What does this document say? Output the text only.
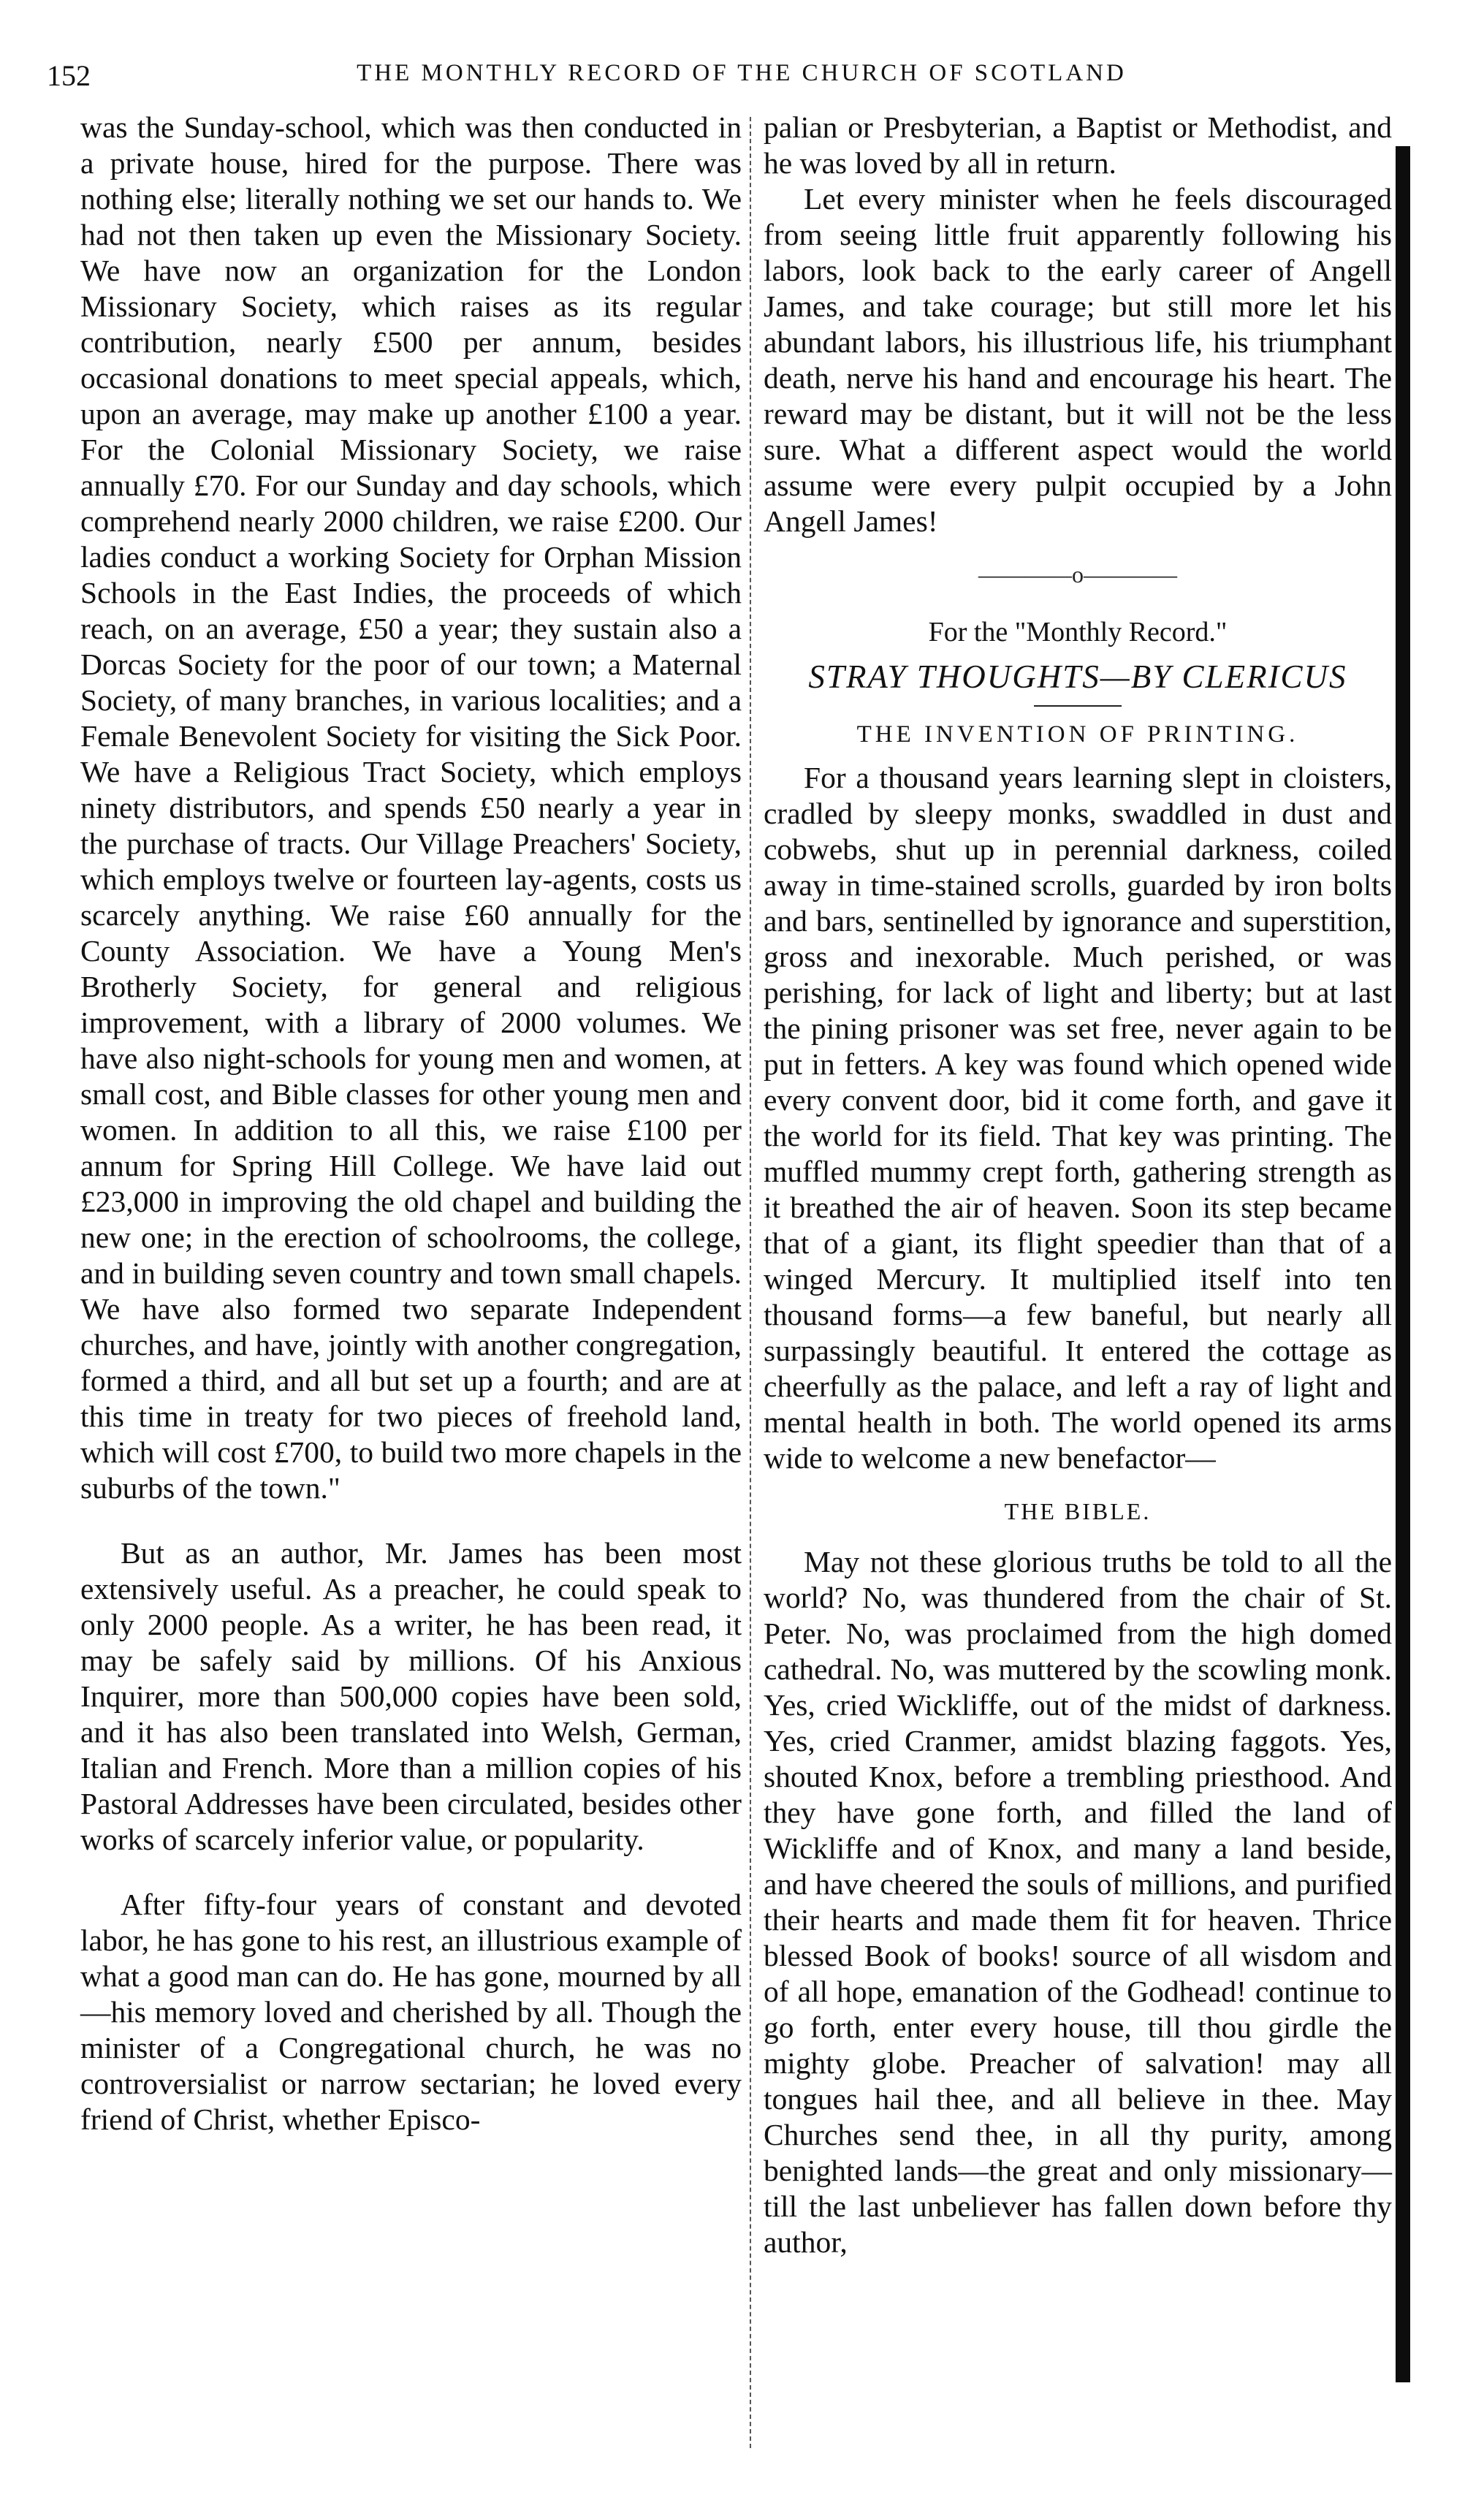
152	THE MONTHLY RECORD OF THE CHURCH OF SCOTLAND

was the Sunday-school, which was then conducted in a private house, hired for the purpose. There was nothing else; literally nothing we set our hands to. We had not then taken up even the Missionary Society. We have now an organization for the London Missionary Society, which raises as its regular contribution, nearly £500 per annum, besides occasional donations to meet special appeals, which, upon an average, may make up another £100 a year. For the Colonial Missionary Society, we raise annually £70. For our Sunday and day schools, which comprehend nearly 2000 children, we raise £200. Our ladies conduct a working Society for Orphan Mission Schools in the East Indies, the proceeds of which reach, on an average, £50 a year; they sustain also a Dorcas Society for the poor of our town; a Maternal Society, of many branches, in various localities; and a Female Benevolent Society for visiting the Sick Poor. We have a Religious Tract Society, which employs ninety distributors, and spends £50 nearly a year in the purchase of tracts. Our Village Preachers' Society, which employs twelve or fourteen lay-agents, costs us scarcely anything. We raise £60 annually for the County Association. We have a Young Men's Brotherly Society, for general and religious improvement, with a library of 2000 volumes. We have also night-schools for young men and women, at small cost, and Bible classes for other young men and women. In addition to all this, we raise £100 per annum for Spring Hill College. We have laid out £23,000 in improving the old chapel and building the new one; in the erection of schoolrooms, the college, and in building seven country and town small chapels. We have also formed two separate Independent churches, and have, jointly with another congregation, formed a third, and all but set up a fourth; and are at this time in treaty for two pieces of freehold land, which will cost £700, to build two more chapels in the suburbs of the town."

But as an author, Mr. James has been most extensively useful. As a preacher, he could speak to only 2000 people. As a writer, he has been read, it may be safely said by millions. Of his Anxious Inquirer, more than 500,000 copies have been sold, and it has also been translated into Welsh, German, Italian and French. More than a million copies of his Pastoral Addresses have been circulated, besides other works of scarcely inferior value, or popularity.

After fifty-four years of constant and devoted labor, he has gone to his rest, an illustrious example of what a good man can do. He has gone, mourned by all—his memory loved and cherished by all. Though the minister of a Congregational church, he was no controversialist or narrow sectarian; he loved every friend of Christ, whether Episco-

palian or Presbyterian, a Baptist or Methodist, and he was loved by all in return.

Let every minister when he feels discouraged from seeing little fruit apparently following his labors, look back to the early career of Angell James, and take courage; but still more let his abundant labors, his illustrious life, his triumphant death, nerve his hand and encourage his heart. The reward may be distant, but it will not be the less sure. What a different aspect would the world assume were every pulpit occupied by a John Angell James!

————o————
For the "Monthly Record."
STRAY THOUGHTS—BY CLERICUS
THE INVENTION OF PRINTING.

For a thousand years learning slept in cloisters, cradled by sleepy monks, swaddled in dust and cobwebs, shut up in perennial darkness, coiled away in time-stained scrolls, guarded by iron bolts and bars, sentinelled by ignorance and superstition, gross and inexorable. Much perished, or was perishing, for lack of light and liberty; but at last the pining prisoner was set free, never again to be put in fetters. A key was found which opened wide every convent door, bid it come forth, and gave it the world for its field. That key was printing. The muffled mummy crept forth, gathering strength as it breathed the air of heaven. Soon its step became that of a giant, its flight speedier than that of a winged Mercury. It multiplied itself into ten thousand forms—a few baneful, but nearly all surpassingly beautiful. It entered the cottage as cheerfully as the palace, and left a ray of light and mental health in both. The world opened its arms wide to welcome a new benefactor—

THE BIBLE.

May not these glorious truths be told to all the world? No, was thundered from the chair of St. Peter. No, was proclaimed from the high domed cathedral. No, was muttered by the scowling monk. Yes, cried Wickliffe, out of the midst of darkness. Yes, cried Cranmer, amidst blazing faggots. Yes, shouted Knox, before a trembling priesthood. And they have gone forth, and filled the land of Wickliffe and of Knox, and many a land beside, and have cheered the souls of millions, and purified their hearts and made them fit for heaven. Thrice blessed Book of books! source of all wisdom and of all hope, emanation of the Godhead! continue to go forth, enter every house, till thou girdle the mighty globe. Preacher of salvation! may all tongues hail thee, and all believe in thee. May Churches send thee, in all thy purity, among benighted lands—the great and only missionary—till the last unbeliever has fallen down before thy author,
